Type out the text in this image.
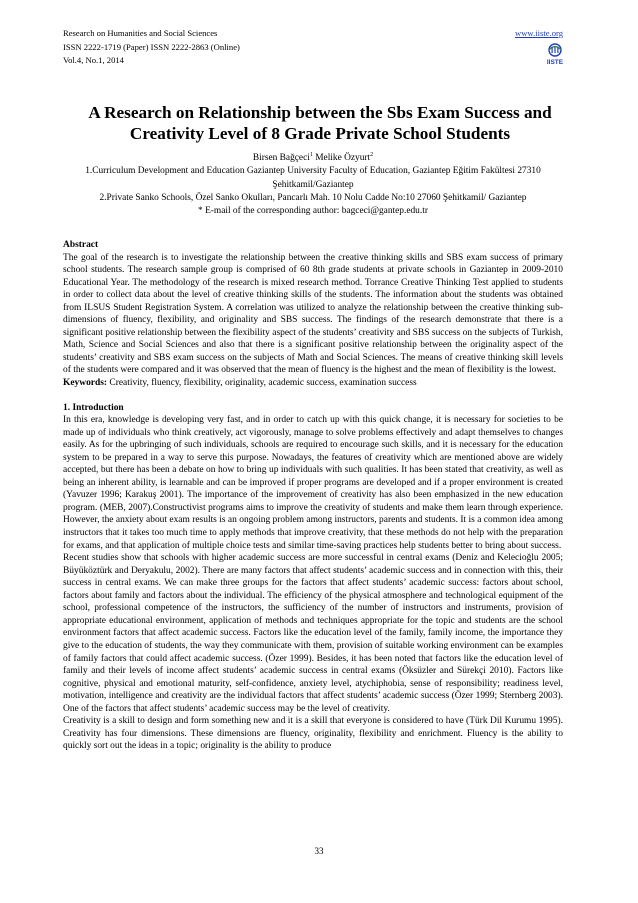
Research on Humanities and Social Sciences
ISSN 2222-1719 (Paper) ISSN 2222-2863 (Online)
Vol.4, No.1, 2014
www.iiste.org
IISTE
A Research on Relationship between the Sbs Exam Success and Creativity Level of 8 Grade Private School Students
Birsen Bağçeci$^1$ Melike Özyurt$^2$
1.Curriculum Development and Education Gaziantep University Faculty of Education, Gaziantep Eğitim Fakültesi 27310 Şehitkamil/Gaziantep
2.Private Sanko Schools, Özel Sanko Okulları, Pancarlı Mah. 10 Nolu Cadde No:10 27060 Şehitkamil/ Gaziantep
* E-mail of the corresponding author: bagceci@gantep.edu.tr

Abstract

The goal of the research is to investigate the relationship between the creative thinking skills and SBS exam success of primary school students. The research sample group is comprised of 60 8th grade students at private schools in Gaziantep in 2009-2010 Educational Year. The methodology of the research is mixed research method. Torrance Creative Thinking Test applied to students in order to collect data about the level of creative thinking skills of the students. The information about the students was obtained from ILSUS Student Registration System. A correlation was utilized to analyze the relationship between the creative thinking sub-dimensions of fluency, flexibility, and originality and SBS success. The findings of the research demonstrate that there is a significant positive relationship between the flexibility aspect of the students’ creativity and SBS success on the subjects of Turkish, Math, Science and Social Sciences and also that there is a significant positive relationship between the originality aspect of the students’ creativity and SBS exam success on the subjects of Math and Social Sciences. The means of creative thinking skill levels of the students were compared and it was observed that the mean of fluency is the highest and the mean of flexibility is the lowest.

Keywords: Creativity, fluency, flexibility, originality, academic success, examination success

1. Introduction

In this era, knowledge is developing very fast, and in order to catch up with this quick change, it is necessary for societies to be made up of individuals who think creatively, act vigorously, manage to solve problems effectively and adapt themselves to changes easily. As for the upbringing of such individuals, schools are required to encourage such skills, and it is necessary for the education system to be prepared in a way to serve this purpose. Nowadays, the features of creativity which are mentioned above are widely accepted, but there has been a debate on how to bring up individuals with such qualities. It has been stated that creativity, as well as being an inherent ability, is learnable and can be improved if proper programs are developed and if a proper environment is created (Yavuzer 1996; Karakuş 2001). The importance of the improvement of creativity has also been emphasized in the new education program. (MEB, 2007).Constructivist programs aims to improve the creativity of students and make them learn through experience. However, the anxiety about exam results is an ongoing problem among instructors, parents and students. It is a common idea among instructors that it takes too much time to apply methods that improve creativity, that these methods do not help with the preparation for exams, and that application of multiple choice tests and similar time-saving practices help students better to bring about success.

Recent studies show that schools with higher academic success are more successful in central exams (Deniz and Kelecioğlu 2005; Büyüköztürk and Deryakulu, 2002). There are many factors that affect students’ academic success and in connection with this, their success in central exams. We can make three groups for the factors that affect students’ academic success: factors about school, factors about family and factors about the individual. The efficiency of the physical atmosphere and technological equipment of the school, professional competence of the instructors, the sufficiency of the number of instructors and instruments, provision of appropriate educational environment, application of methods and techniques appropriate for the topic and students are the school environment factors that affect academic success. Factors like the education level of the family, family income, the importance they give to the education of students, the way they communicate with them, provision of suitable working environment can be examples of family factors that could affect academic success. (Özer 1999). Besides, it has been noted that factors like the education level of family and their levels of income affect students’ academic success in central exams (Öksüzler and Sürekçi 2010). Factors like cognitive, physical and emotional maturity, self-confidence, anxiety level, atychiphobia, sense of responsibility; readiness level, motivation, intelligence and creativity are the individual factors that affect students’ academic success (Özer 1999; Sternberg 2003). One of the factors that affect students’ academic success may be the level of creativity.

Creativity is a skill to design and form something new and it is a skill that everyone is considered to have (Türk Dil Kurumu 1995). Creativity has four dimensions. These dimensions are fluency, originality, flexibility and enrichment. Fluency is the ability to quickly sort out the ideas in a topic; originality is the ability to produce

33
